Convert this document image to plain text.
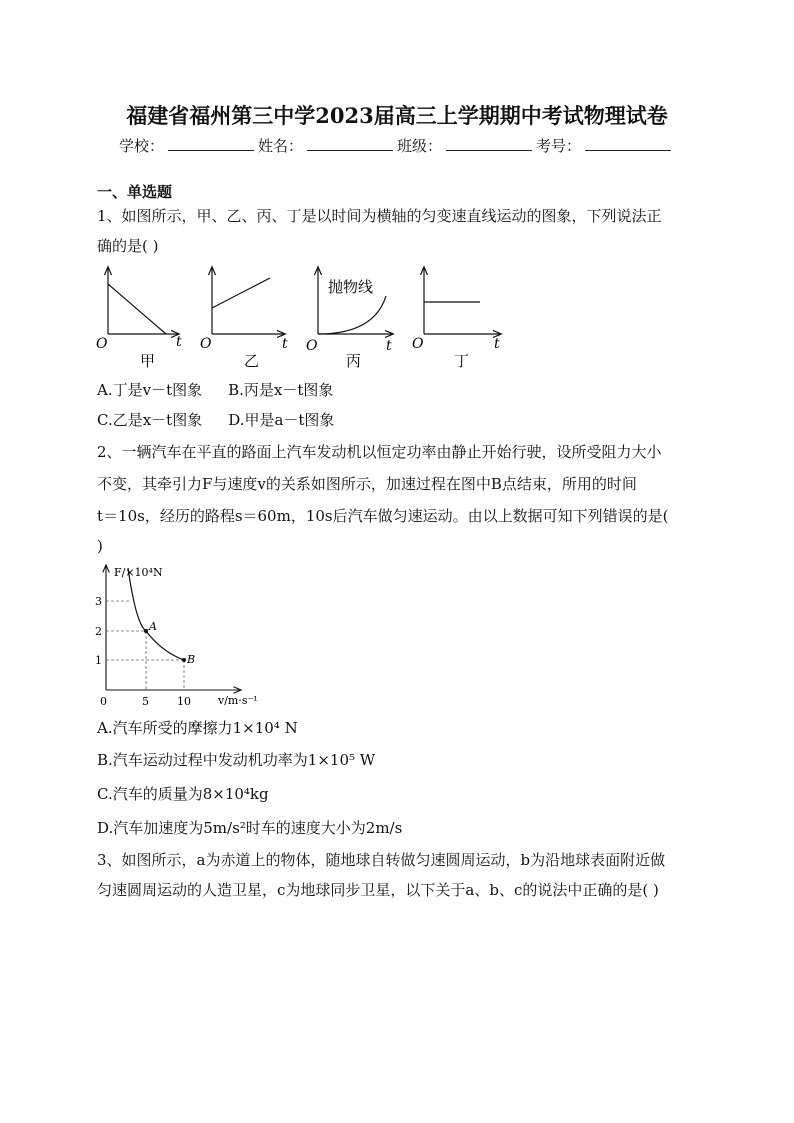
福建省福州第三中学2023届高三上学期期中考试物理试卷
学校：	姓名：	班级：	考号：
一、单选题
1、如图所示，甲、乙、丙、丁是以时间为横轴的匀变速直线运动的图象，下列说法正
确的是( )
O	t
甲
O	t
乙
抛物线
O	t
丙
O	t
丁
A.丁是v－t图象 B.丙是x－t图象
C.乙是x－t图象 D.甲是a－t图象
2、一辆汽车在平直的路面上汽车发动机以恒定功率由静止开始行驶，设所受阻力大小
不变，其牵引力F与速度v的关系如图所示，加速过程在图中B点结束，所用的时间
t＝10s，经历的路程s＝60m，10s后汽车做匀速运动。由以上数据可知下列错误的是(
)
A
B
F/×10⁴N
v/m·s⁻¹
3
2
1
0	5	10
A.汽车所受的摩擦力1×10⁴ N
B.汽车运动过程中发动机功率为1×10⁵ W
C.汽车的质量为8×10⁴kg
D.汽车加速度为5m/s²时车的速度大小为2m/s
3、如图所示，a为赤道上的物体，随地球自转做匀速圆周运动，b为沿地球表面附近做
匀速圆周运动的人造卫星，c为地球同步卫星，以下关于a、b、c的说法中正确的是( )
